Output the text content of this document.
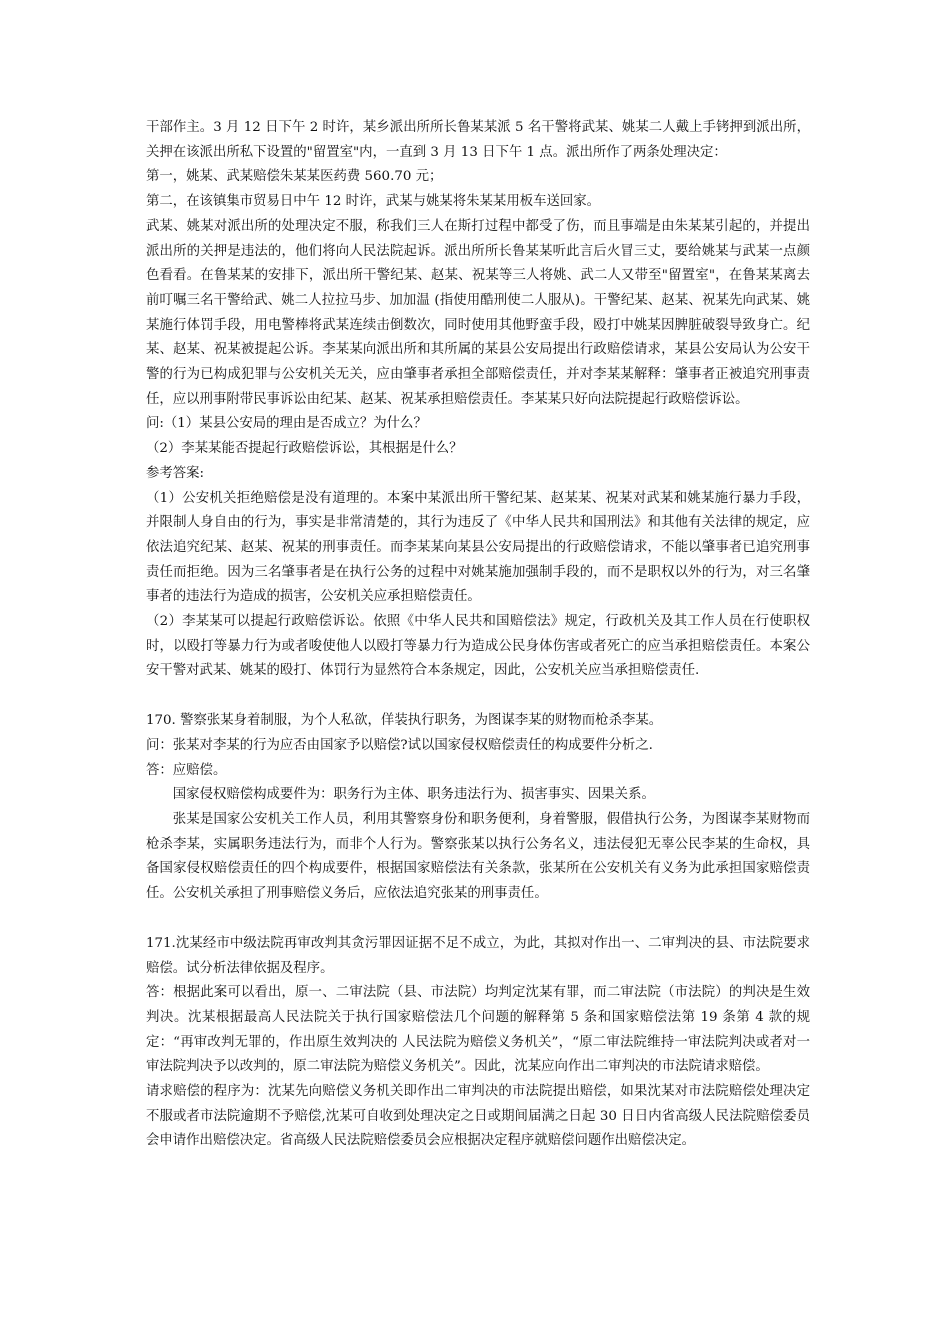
干部作主。3 月 12 日下午 2 时许，某乡派出所所长鲁某某派 5 名干警将武某、姚某二人戴上手铐押到派出所，关押在该派出所私下设置的"留置室"内，一直到 3 月 13 日下午 1 点。派出所作了两条处理决定：

第一，姚某、武某赔偿朱某某医药费 560.70 元；

第二，在该镇集市贸易日中午 12 时许，武某与姚某将朱某某用板车送回家。

武某、姚某对派出所的处理决定不服，称我们三人在斯打过程中都受了伤，而且事端是由朱某某引起的，并提出派出所的关押是违法的，他们将向人民法院起诉。派出所所长鲁某某听此言后火冒三丈，要给姚某与武某一点颜色看看。在鲁某某的安排下，派出所干警纪某、赵某、祝某等三人将姚、武二人又带至"留置室"，在鲁某某离去前叮嘱三名干警给武、姚二人拉拉马步、加加温 (指使用酷刑使二人服从)。干警纪某、赵某、祝某先向武某、姚某施行体罚手段，用电警棒将武某连续击倒数次，同时使用其他野蛮手段，殴打中姚某因脾脏破裂导致身亡。纪某、赵某、祝某被提起公诉。李某某向派出所和其所属的某县公安局提出行政赔偿请求，某县公安局认为公安干警的行为已构成犯罪与公安机关无关，应由肇事者承担全部赔偿责任，并对李某某解释：肇事者正被追究刑事责任，应以刑事附带民事诉讼由纪某、赵某、祝某承担赔偿责任。李某某只好向法院提起行政赔偿诉讼。

问:（1）某县公安局的理由是否成立？为什么？

（2）李某某能否提起行政赔偿诉讼，其根据是什么？

参考答案:

（1）公安机关拒绝赔偿是没有道理的。本案中某派出所干警纪某、赵某某、祝某对武某和姚某施行暴力手段，并限制人身自由的行为，事实是非常清楚的，其行为违反了《中华人民共和国刑法》和其他有关法律的规定，应依法追究纪某、赵某、祝某的刑事责任。而李某某向某县公安局提出的行政赔偿请求，不能以肇事者已追究刑事责任而拒绝。因为三名肇事者是在执行公务的过程中对姚某施加强制手段的，而不是职权以外的行为，对三名肇事者的违法行为造成的损害，公安机关应承担赔偿责任。

（2）李某某可以提起行政赔偿诉讼。依照《中华人民共和国赔偿法》规定，行政机关及其工作人员在行使职权时，以殴打等暴力行为或者唆使他人以殴打等暴力行为造成公民身体伤害或者死亡的应当承担赔偿责任。本案公安干警对武某、姚某的殴打、体罚行为显然符合本条规定，因此，公安机关应当承担赔偿责任.

170. 警察张某身着制服，为个人私欲，佯装执行职务，为图谋李某的财物而枪杀李某。

问：张某对李某的行为应否由国家予以赔偿?试以国家侵权赔偿责任的构成要件分析之.

答：应赔偿。

国家侵权赔偿构成要件为：职务行为主体、职务违法行为、损害事实、因果关系。

张某是国家公安机关工作人员，利用其警察身份和职务便利，身着警服，假借执行公务，为图谋李某财物而枪杀李某，实属职务违法行为，而非个人行为。警察张某以执行公务名义，违法侵犯无辜公民李某的生命权，具备国家侵权赔偿责任的四个构成要件，根据国家赔偿法有关条款，张某所在公安机关有义务为此承担国家赔偿责任。公安机关承担了刑事赔偿义务后，应依法追究张某的刑事责任。

171.沈某经市中级法院再审改判其贪污罪因证据不足不成立，为此，其拟对作出一、二审判决的县、市法院要求赔偿。试分析法律依据及程序。

答：根据此案可以看出，原一、二审法院（县、市法院）均判定沈某有罪，而二审法院（市法院）的判决是生效判决。沈某根据最高人民法院关于执行国家赔偿法几个问题的解释第 5 条和国家赔偿法第 19 条第 4 款的规定：“再审改判无罪的，作出原生效判决的 人民法院为赔偿义务机关”，“原二审法院维持一审法院判决或者对一审法院判决予以改判的，原二审法院为赔偿义务机关”。因此，沈某应向作出二审判决的市法院请求赔偿。

请求赔偿的程序为：沈某先向赔偿义务机关即作出二审判决的市法院提出赔偿，如果沈某对市法院赔偿处理决定不服或者市法院逾期不予赔偿,沈某可自收到处理决定之日或期间届满之日起 30 日日内省高级人民法院赔偿委员会申请作出赔偿决定。省高级人民法院赔偿委员会应根据决定程序就赔偿问题作出赔偿决定。
